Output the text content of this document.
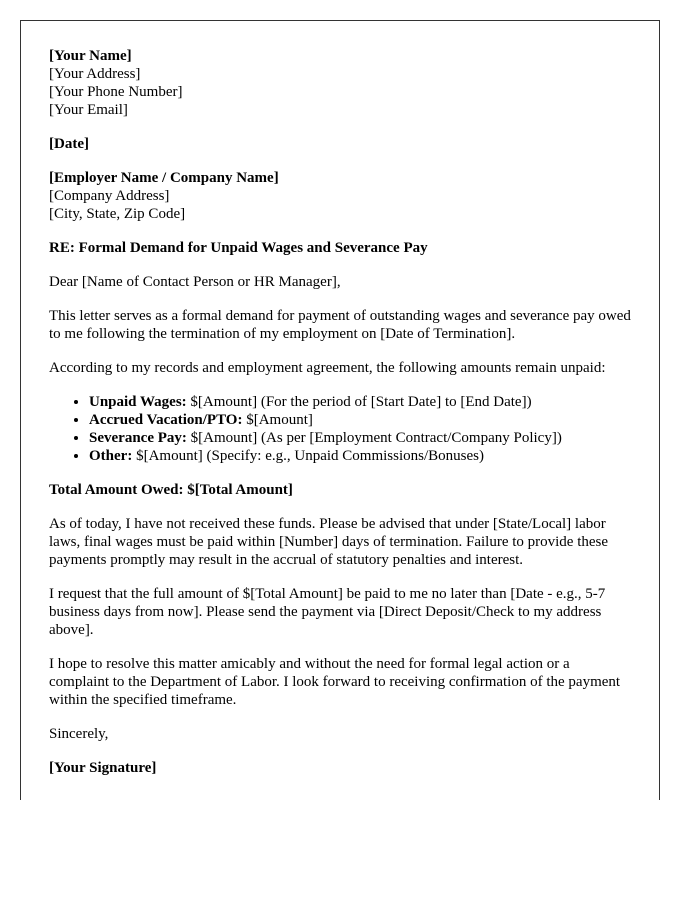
[Your Name]
[Your Address]
[Your Phone Number]
[Your Email]
[Date]
[Employer Name / Company Name]
[Company Address]
[City, State, Zip Code]

RE: Formal Demand for Unpaid Wages and Severance Pay

Dear [Name of Contact Person or HR Manager],

This letter serves as a formal demand for payment of outstanding wages and severance pay owed to me following the termination of my employment on [Date of Termination].

According to my records and employment agreement, the following amounts remain unpaid:

• Unpaid Wages: $[Amount] (For the period of [Start Date] to [End Date])
• Accrued Vacation/PTO: $[Amount]
• Severance Pay: $[Amount] (As per [Employment Contract/Company Policy])
• Other: $[Amount] (Specify: e.g., Unpaid Commissions/Bonuses)

Total Amount Owed: $[Total Amount]

As of today, I have not received these funds. Please be advised that under [State/Local] labor laws, final wages must be paid within [Number] days of termination. Failure to provide these payments promptly may result in the accrual of statutory penalties and interest.

I request that the full amount of $[Total Amount] be paid to me no later than [Date - e.g., 5-7 business days from now]. Please send the payment via [Direct Deposit/Check to my address above].

I hope to resolve this matter amicably and without the need for formal legal action or a complaint to the Department of Labor. I look forward to receiving confirmation of the payment within the specified timeframe.

Sincerely,

[Your Signature]
